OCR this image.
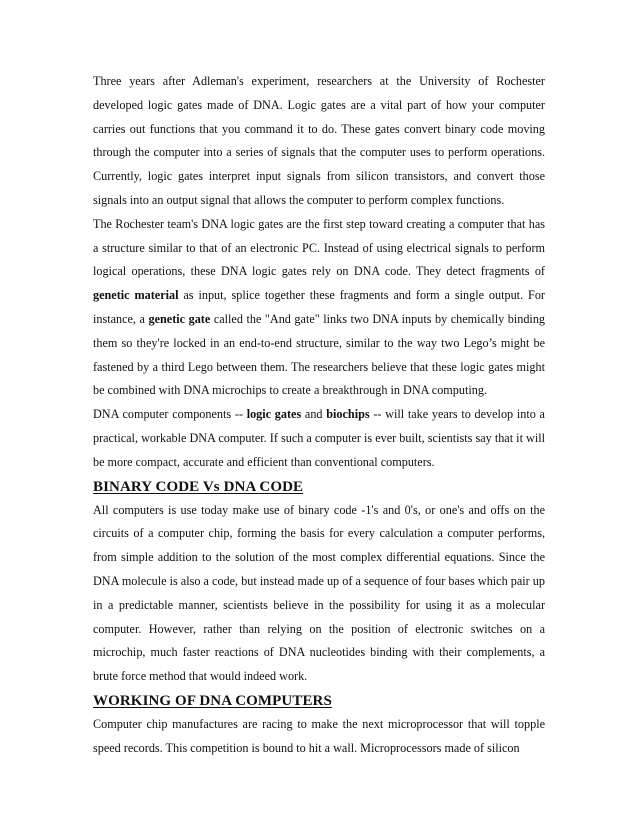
Three years after Adleman's experiment, researchers at the University of Rochester developed logic gates made of DNA. Logic gates are a vital part of how your computer carries out functions that you command it to do. These gates convert binary code moving through the computer into a series of signals that the computer uses to perform operations. Currently, logic gates interpret input signals from silicon transistors, and convert those signals into an output signal that allows the computer to perform complex functions.

The Rochester team's DNA logic gates are the first step toward creating a computer that has a structure similar to that of an electronic PC. Instead of using electrical signals to perform logical operations, these DNA logic gates rely on DNA code. They detect fragments of genetic material as input, splice together these fragments and form a single output. For instance, a genetic gate called the "And gate" links two DNA inputs by chemically binding them so they're locked in an end-to-end structure, similar to the way two Lego’s might be fastened by a third Lego between them. The researchers believe that these logic gates might be combined with DNA microchips to create a breakthrough in DNA computing.

DNA computer components -- logic gates and biochips -- will take years to develop into a practical, workable DNA computer. If such a computer is ever built, scientists say that it will be more compact, accurate and efficient than conventional computers.

BINARY CODE Vs DNA CODE

All computers is use today make use of binary code -1's and 0's, or one's and offs on the circuits of a computer chip, forming the basis for every calculation a computer performs, from simple addition to the solution of the most complex differential equations. Since the DNA molecule is also a code, but instead made up of a sequence of four bases which pair up in a predictable manner, scientists believe in the possibility for using it as a molecular computer. However, rather than relying on the position of electronic switches on a microchip, much faster reactions of DNA nucleotides binding with their complements, a brute force method that would indeed work.

WORKING OF DNA COMPUTERS

Computer chip manufactures are racing to make the next microprocessor that will topple speed records. This competition is bound to hit a wall. Microprocessors made of silicon
